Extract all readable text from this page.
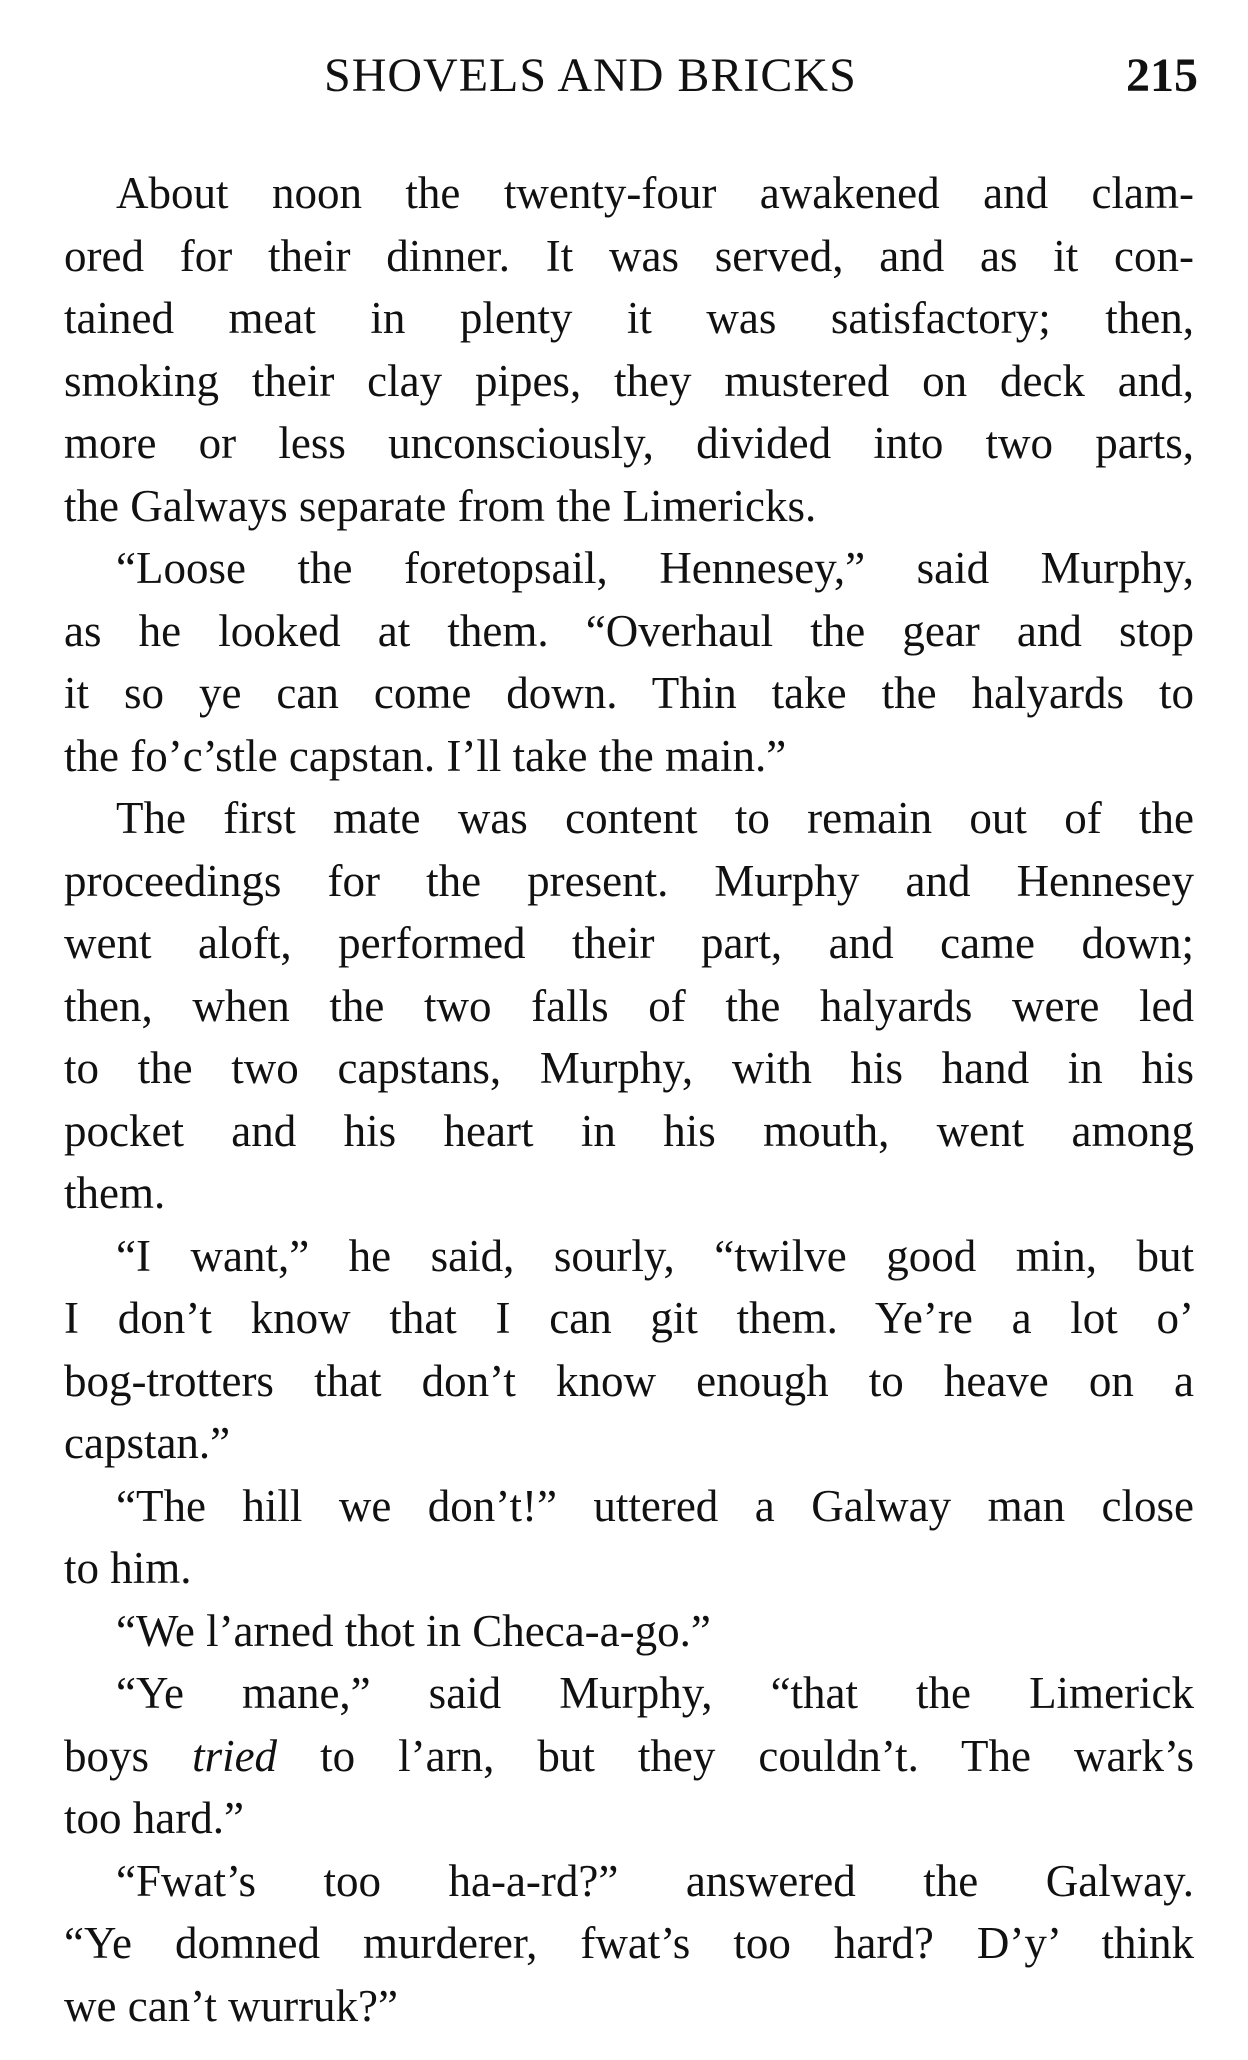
SHOVELS AND BRICKS	215
About noon the twenty-four awakened and clam-
ored for their dinner. It was served, and as it con-
tained meat in plenty it was satisfactory; then,
smoking their clay pipes, they mustered on deck and,
more or less unconsciously, divided into two parts,
the Galways separate from the Limericks.
“Loose the foretopsail, Hennesey,” said Murphy,
as he looked at them. “Overhaul the gear and stop
it so ye can come down. Thin take the halyards to
the fo’c’stle capstan. I’ll take the main.”
The first mate was content to remain out of the
proceedings for the present. Murphy and Hennesey
went aloft, performed their part, and came down;
then, when the two falls of the halyards were led
to the two capstans, Murphy, with his hand in his
pocket and his heart in his mouth, went among
them.
“I want,” he said, sourly, “twilve good min, but
I don’t know that I can git them. Ye’re a lot o’
bog-trotters that don’t know enough to heave on a
capstan.”
“The hill we don’t!” uttered a Galway man close
to him.
“We l’arned thot in Checa-a-go.”
“Ye mane,” said Murphy, “that the Limerick
boys tried to l’arn, but they couldn’t. The wark’s
too hard.”
“Fwat’s too ha-a-rd?” answered the Galway.
“Ye domned murderer, fwat’s too hard? D’y’ think
we can’t wurruk?”
